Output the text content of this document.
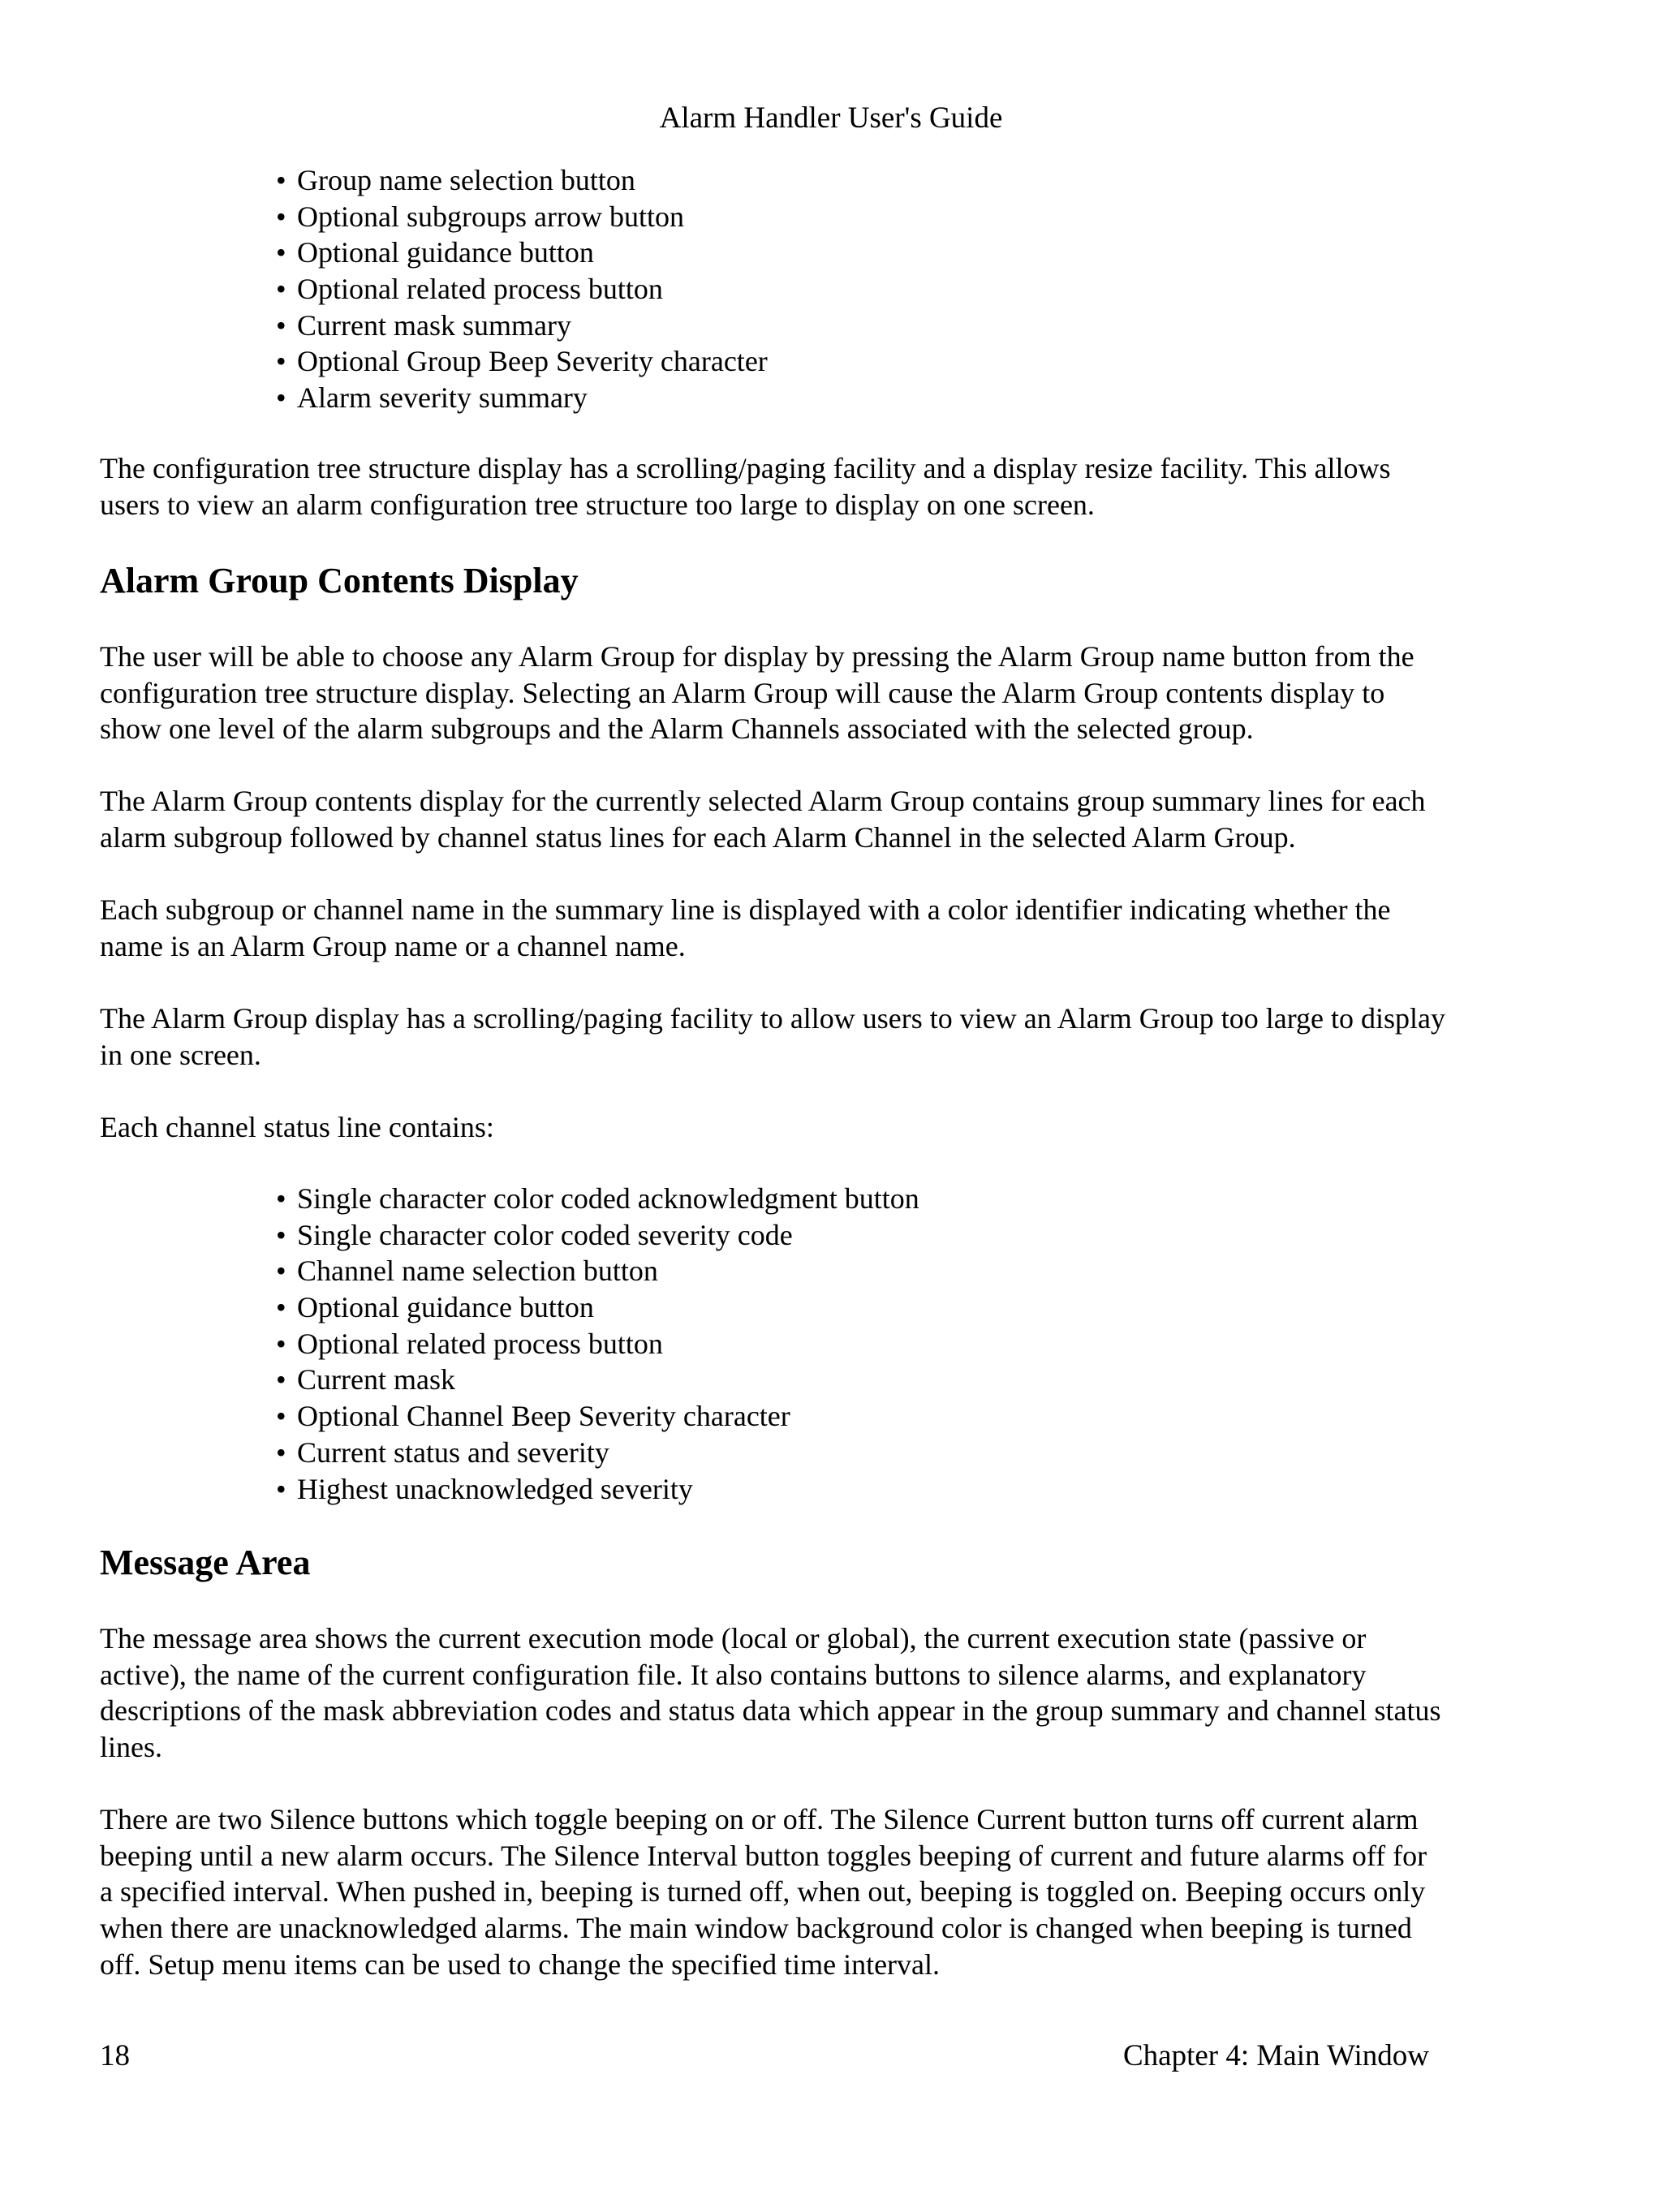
Alarm Handler User's Guide
• Group name selection button
• Optional subgroups arrow button
• Optional guidance button
• Optional related process button
• Current mask summary
• Optional Group Beep Severity character
• Alarm severity summary

The configuration tree structure display has a scrolling/paging facility and a display resize facility. This allows users to view an alarm configuration tree structure too large to display on one screen.

Alarm Group Contents Display

The user will be able to choose any Alarm Group for display by pressing the Alarm Group name button from the configuration tree structure display. Selecting an Alarm Group will cause the Alarm Group contents display to show one level of the alarm subgroups and the Alarm Channels associated with the selected group.

The Alarm Group contents display for the currently selected Alarm Group contains group summary lines for each alarm subgroup followed by channel status lines for each Alarm Channel in the selected Alarm Group.

Each subgroup or channel name in the summary line is displayed with a color identifier indicating whether the name is an Alarm Group name or a channel name.

The Alarm Group display has a scrolling/paging facility to allow users to view an Alarm Group too large to display in one screen.

Each channel status line contains:

• Single character color coded acknowledgment button
• Single character color coded severity code
• Channel name selection button
• Optional guidance button
• Optional related process button
• Current mask
• Optional Channel Beep Severity character
• Current status and severity
• Highest unacknowledged severity
Message Area

The message area shows the current execution mode (local or global), the current execution state (passive or active), the name of the current configuration file. It also contains buttons to silence alarms, and explanatory descriptions of the mask abbreviation codes and status data which appear in the group summary and channel status lines.

There are two Silence buttons which toggle beeping on or off. The Silence Current button turns off current alarm beeping until a new alarm occurs. The Silence Interval button toggles beeping of current and future alarms off for a specified interval. When pushed in, beeping is turned off, when out, beeping is toggled on. Beeping occurs only when there are unacknowledged alarms. The main window background color is changed when beeping is turned off. Setup menu items can be used to change the specified time interval.

18	Chapter 4: Main Window
